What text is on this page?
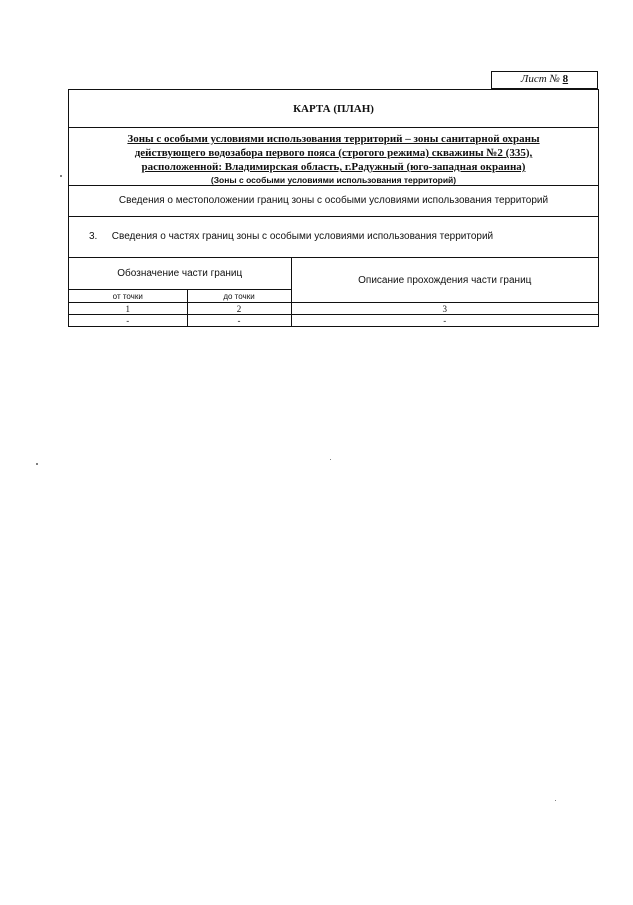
Лист № 8
КАРТА (ПЛАН)
Зоны с особыми условиями использования территорий – зоны санитарной охраны
действующего водозабора первого пояса (строгого режима) скважины №2 (335),
расположенной: Владимирская область, г.Радужный (юго-западная окраина)
(Зоны с особыми условиями использования территорий)
Сведения о местоположении границ зоны с особыми условиями использования территорий
3. Сведения о частях границ зоны с особыми условиями использования территорий
Обозначение части границ		Описание прохождения части границ
от точки	до точки	
1	2	3
-	-	-
